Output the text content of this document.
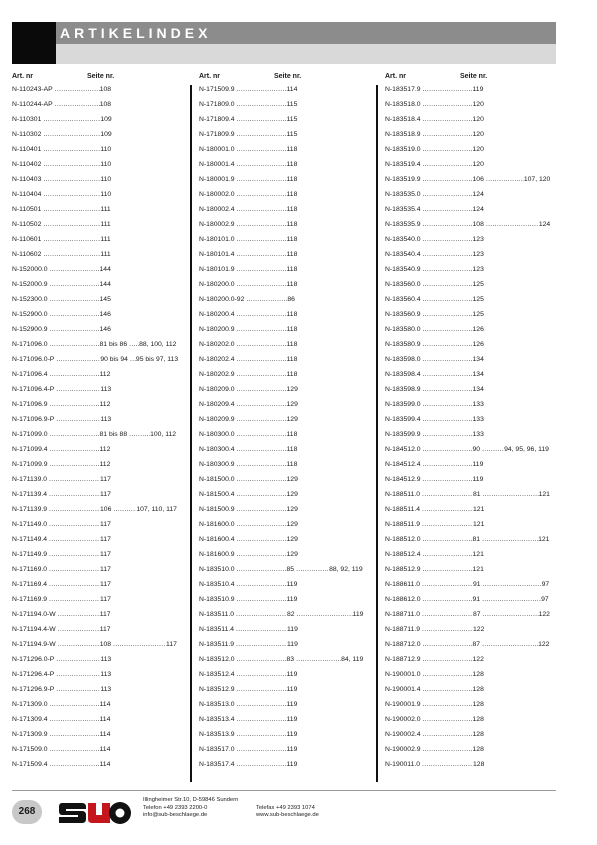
ARTIKELINDEX
Art. nr	Seite nr.
N-110243-AP .....	108
N-110244-AP .....	108
N-110301 .....	109
N-110302 .....	109
N-110401 .....	110
N-110402 .....	110
N-110403 .....	110
N-110404 .....	110
N-110501 .....	111
N-110502 .....	111
N-110601 .....	111
N-110602 .....	111
N-152000.0 .....	144
N-152000.9 .....	144
N-152300.0 .....	145
N-152900.0 .....	146
N-152900.9 .....	146
N-171096.0 .....	81 bis 86 ..... 88, 100, 112
N-171096.0-P .....	90 bis 94 ..... 95 bis 97, 113
N-171096.4 .....	112
N-171096.4-P .....	113
N-171096.9 .....	112
N-171096.9-P .....	113
N-171099.0 .....	81 bis 88 .....	100, 112
N-171099.4 .....	112
N-171099.9 .....	112
N-171139.0 .....	117
N-171139.4 .....	117
N-171139.9 .....	106 .....	107, 110, 117
N-171149.0 .....	117
N-171149.4 .....	117
N-171149.9 .....	117
N-171169.0 .....	117
N-171169.4 .....	117
N-171169.9 .....	117
N-171194.0-W .....	117
N-171194.4-W .....	117
N-171194.9-W .....	108 .....	117
N-171296.0-P .....	113
N-171296.4-P .....	113
N-171296.9-P .....	113
N-171309.0 .....	114
N-171309.4 .....	114
N-171309.9 .....	114
N-171509.0 .....	114
N-171509.4 .....	114
Art. nr	Seite nr.
N-171509.9 .....	114
N-171809.0 .....	115
N-171809.4 .....	115
N-171809.9 .....	115
N-180001.0 .....	118
N-180001.4 .....	118
N-180001.9 .....	118
N-180002.0 .....	118
N-180002.4 .....	118
N-180002.9 .....	118
N-180101.0 .....	118
N-180101.4 .....	118
N-180101.9 .....	118
N-180200.0 .....	118
N-180200.0-92 .....	86
N-180200.4 .....	118
N-180200.9 .....	118
N-180202.0 .....	118
N-180202.4 .....	118
N-180202.9 .....	118
N-180209.0 .....	129
N-180209.4 .....	129
N-180209.9 .....	129
N-180300.0 .....	118
N-180300.4 .....	118
N-180300.9 .....	118
N-181500.0 .....	129
N-181500.4 .....	129
N-181500.9 .....	129
N-181600.0 .....	129
N-181600.4 .....	129
N-181600.9 .....	129
N-183510.0 .....	85 .....	88, 92, 119
N-183510.4 .....	119
N-183510.9 .....	119
N-183511.0 .....	82 .....	119
N-183511.4 .....	119
N-183511.9 .....	119
N-183512.0 .....	83 .....	84, 119
N-183512.4 .....	119
N-183512.9 .....	119
N-183513.0 .....	119
N-183513.4 .....	119
N-183513.9 .....	119
N-183517.0 .....	119
N-183517.4 .....	119
Art. nr	Seite nr.
N-183517.9 .....	119
N-183518.0 .....	120
N-183518.4 .....	120
N-183518.9 .....	120
N-183519.0 .....	120
N-183519.4 .....	120
N-183519.9 .....	106 .....	107, 120
N-183535.0 .....	124
N-183535.4 .....	124
N-183535.9 .....	108 .....	124
N-183540.0 .....	123
N-183540.4 .....	123
N-183540.9 .....	123
N-183560.0 .....	125
N-183560.4 .....	125
N-183560.9 .....	125
N-183580.0 .....	126
N-183580.9 .....	126
N-183598.0 .....	134
N-183598.4 .....	134
N-183598.9 .....	134
N-183599.0 .....	133
N-183599.4 .....	133
N-183599.9 .....	133
N-184512.0 .....	90 .....	94, 95, 96, 119
N-184512.4 .....	119
N-184512.9 .....	119
N-188511.0 .....	81 .....	121
N-188511.4 .....	121
N-188511.9 .....	121
N-188512.0 .....	81 .....	121
N-188512.4 .....	121
N-188512.9 .....	121
N-188611.0 .....	91 .....	97
N-188612.0 .....	91 .....	97
N-188711.0 .....	87 .....	122
N-188711.9 .....	122
N-188712.0 .....	87 .....	122
N-188712.9 .....	122
N-190001.0 .....	128
N-190001.4 .....	128
N-190001.9 .....	128
N-190002.0 .....	128
N-190002.4 .....	128
N-190002.9 .....	128
N-190011.0 .....	128
268
Illingheimer Str.10, D-59846 Sundern
Telefon +49 2393 2200-0
info@sub-beschlaege.de
Telefax +49 2393 1074
www.sub-beschlaege.de
